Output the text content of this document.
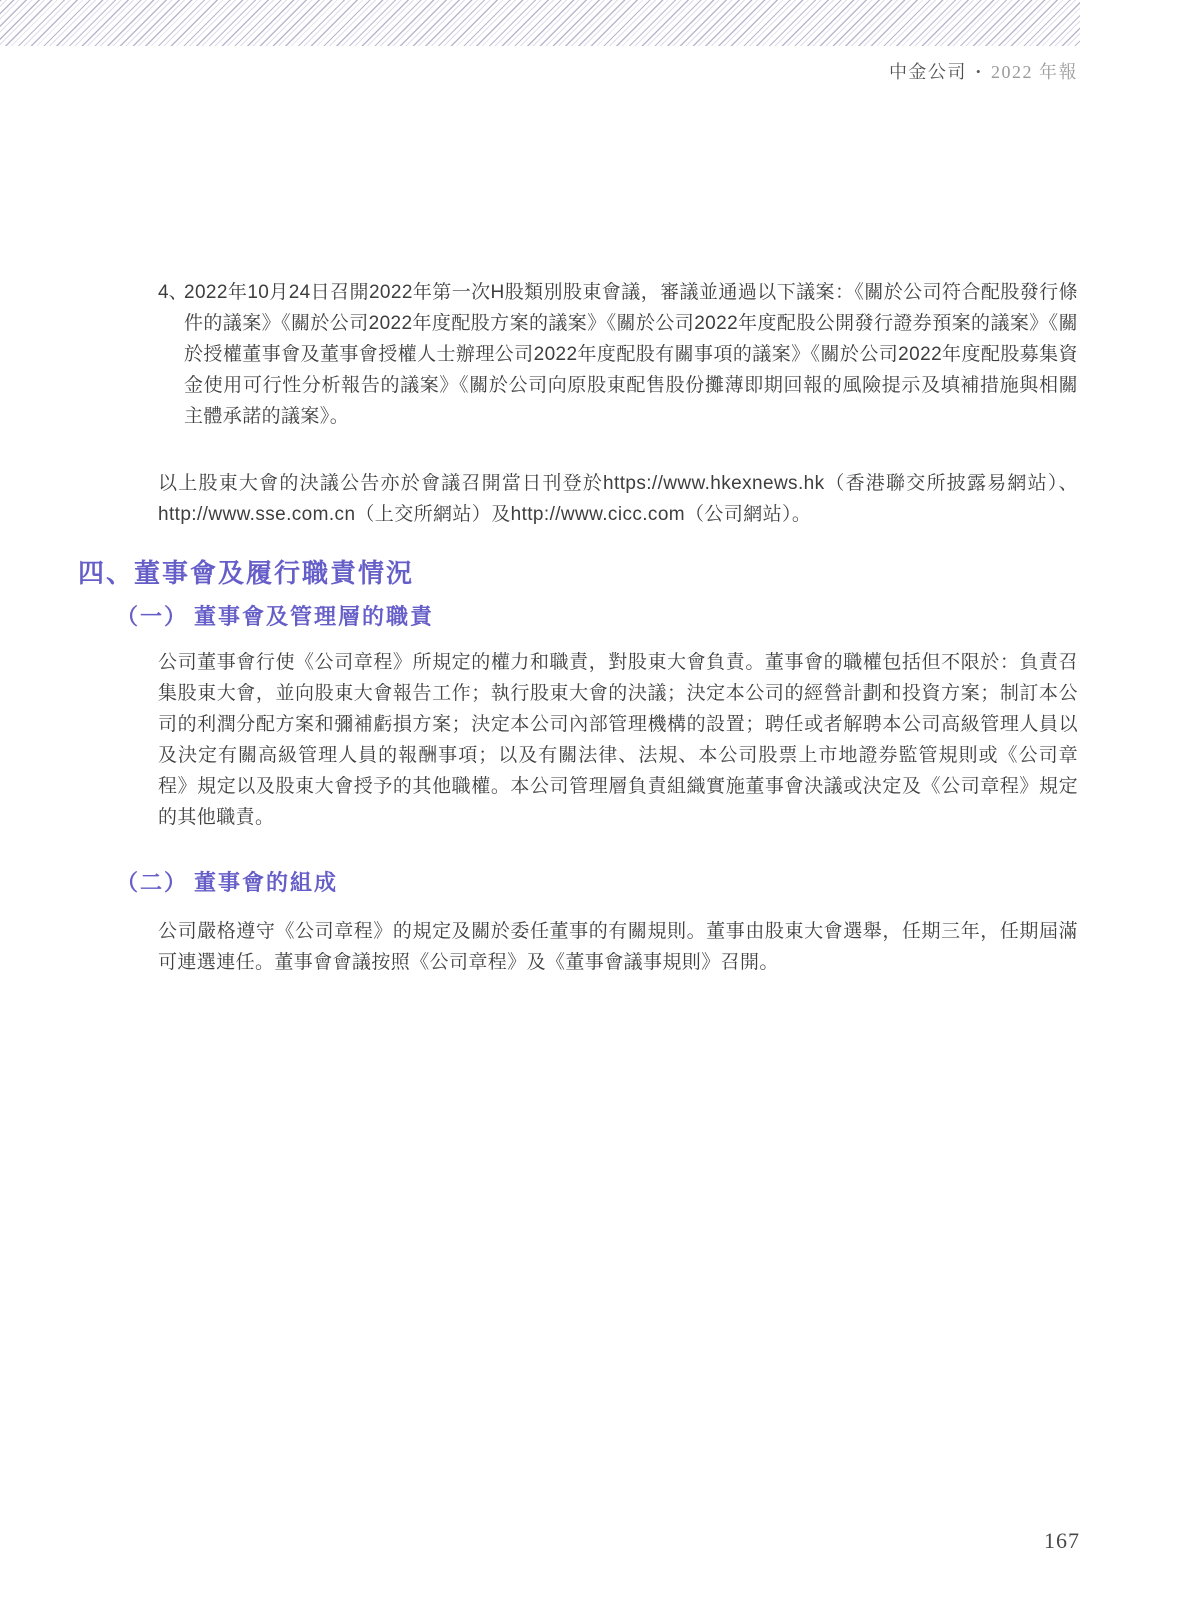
中金公司 • 2022 年報
4、

2022年10月24日召開2022年第一次H股類別股東會議，審議並通過以下議案：《關於公司符合配股發行條件的議案》《關於公司2022年度配股方案的議案》《關於公司2022年度配股公開發行證券預案的議案》《關於授權董事會及董事會授權人士辦理公司2022年度配股有關事項的議案》《關於公司2022年度配股募集資金使用可行性分析報告的議案》《關於公司向原股東配售股份攤薄即期回報的風險提示及填補措施與相關主體承諾的議案》。

以上股東大會的決議公告亦於會議召開當日刊登於https://www.hkexnews.hk（香港聯交所披露易網站）、http://www.sse.com.cn（上交所網站）及http://www.cicc.com（公司網站）。

四、董事會及履行職責情況
（一） 董事會及管理層的職責

公司董事會行使《公司章程》所規定的權力和職責，對股東大會負責。董事會的職權包括但不限於：負責召集股東大會，並向股東大會報告工作；執行股東大會的決議；決定本公司的經營計劃和投資方案；制訂本公司的利潤分配方案和彌補虧損方案；決定本公司內部管理機構的設置；聘任或者解聘本公司高級管理人員以及決定有關高級管理人員的報酬事項；以及有關法律、法規、本公司股票上市地證券監管規則或《公司章程》規定以及股東大會授予的其他職權。本公司管理層負責組織實施董事會決議或決定及《公司章程》規定的其他職責。

（二） 董事會的組成

公司嚴格遵守《公司章程》的規定及關於委任董事的有關規則。董事由股東大會選舉，任期三年，任期屆滿可連選連任。董事會會議按照《公司章程》及《董事會議事規則》召開。

167
